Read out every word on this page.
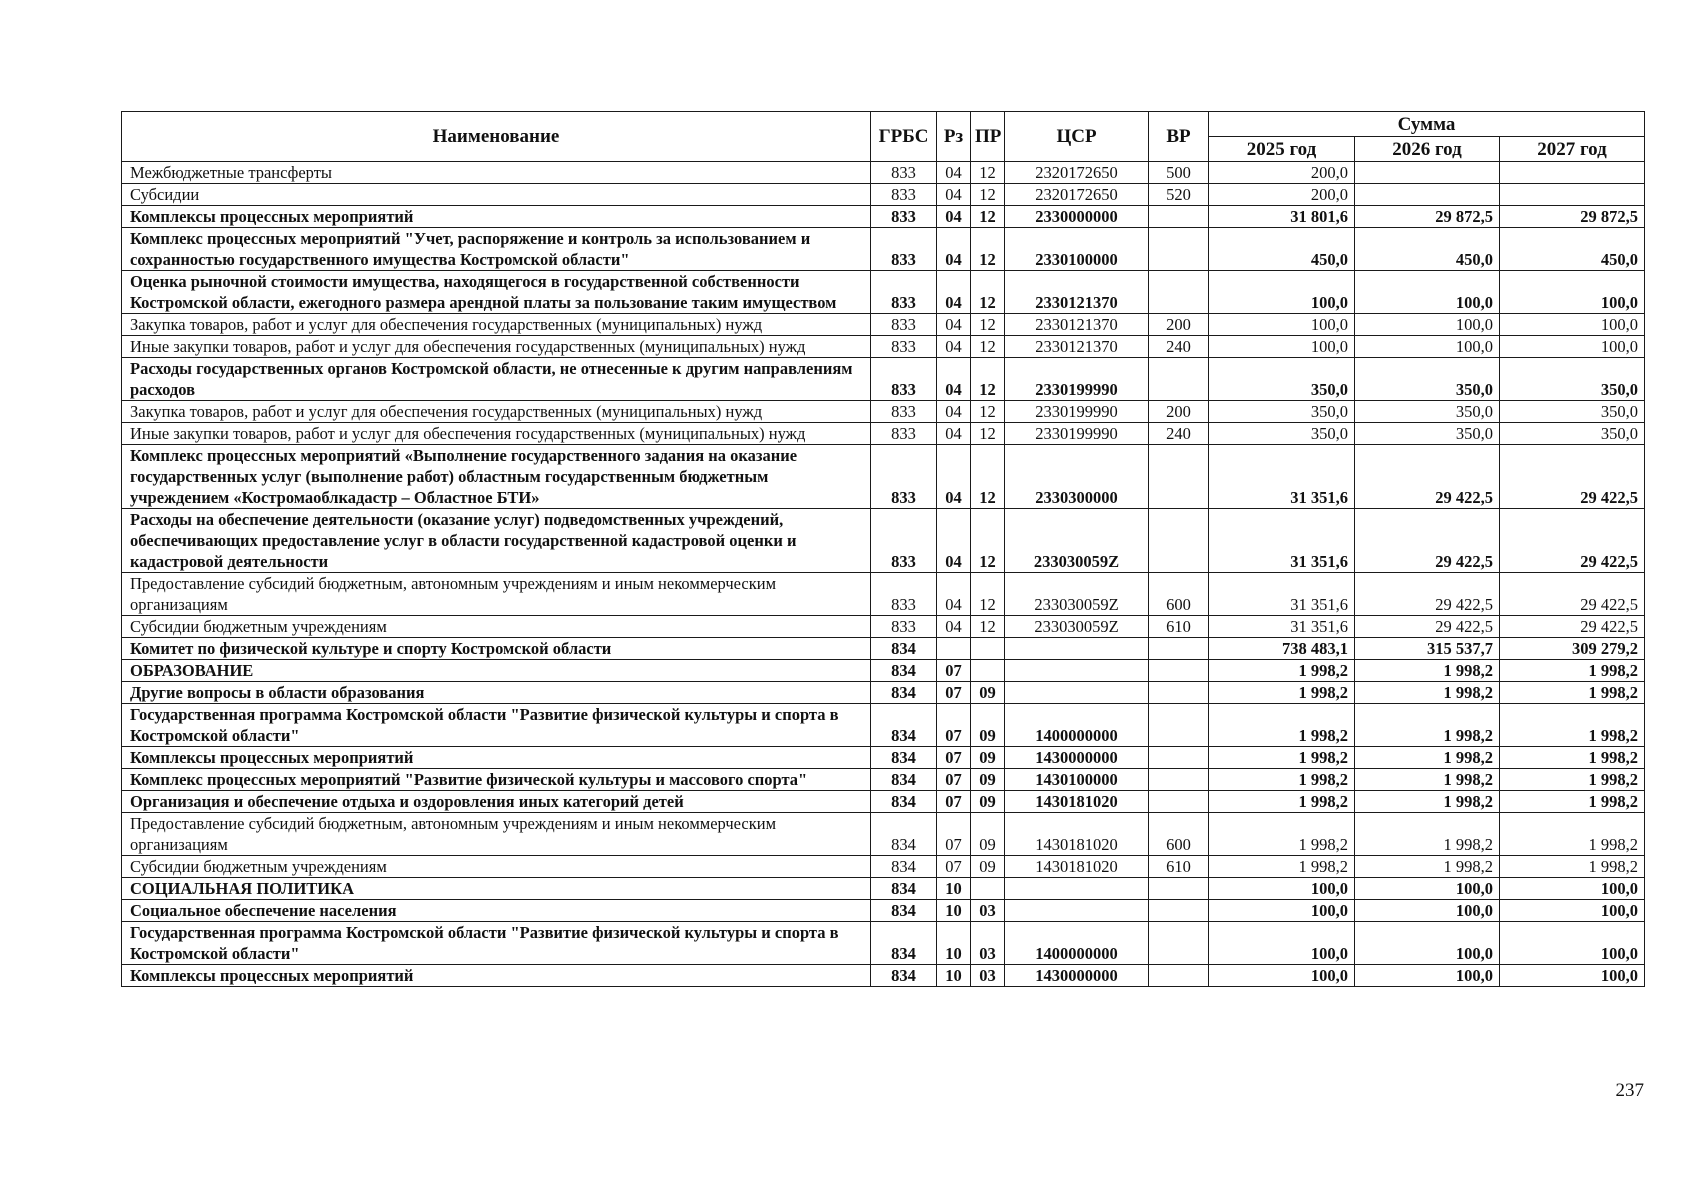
Наименование	ГРБС	Рз	ПР	ЦСР	ВР	Сумма		
						2025 год	2026 год	2027 год
Межбюджетные трансферты	833	04	12	2320172650	500	200,0		
Субсидии	833	04	12	2320172650	520	200,0		
Комплексы процессных мероприятий	833	04	12	2330000000		31 801,6	29 872,5	29 872,5
Комплекс процессных мероприятий "Учет, распоряжение и контроль за использованием и сохранностью государственного имущества Костромской области"	833	04	12	2330100000		450,0	450,0	450,0
Оценка рыночной стоимости имущества, находящегося в государственной собственности Костромской области, ежегодного размера арендной платы за пользование таким имуществом	833	04	12	2330121370		100,0	100,0	100,0
Закупка товаров, работ и услуг для обеспечения государственных (муниципальных) нужд	833	04	12	2330121370	200	100,0	100,0	100,0
Иные закупки товаров, работ и услуг для обеспечения государственных (муниципальных) нужд	833	04	12	2330121370	240	100,0	100,0	100,0
Расходы государственных органов Костромской области, не отнесенные к другим направлениям расходов	833	04	12	2330199990		350,0	350,0	350,0
Закупка товаров, работ и услуг для обеспечения государственных (муниципальных) нужд	833	04	12	2330199990	200	350,0	350,0	350,0
Иные закупки товаров, работ и услуг для обеспечения государственных (муниципальных) нужд	833	04	12	2330199990	240	350,0	350,0	350,0
Комплекс процессных мероприятий «Выполнение государственного задания на оказание государственных услуг (выполнение работ) областным государственным бюджетным учреждением «Костромаоблкадастр – Областное БТИ»	833	04	12	2330300000		31 351,6	29 422,5	29 422,5
Расходы на обеспечение деятельности (оказание услуг) подведомственных учреждений, обеспечивающих предоставление услуг в области государственной кадастровой оценки и кадастровой деятельности	833	04	12	233030059Z		31 351,6	29 422,5	29 422,5
Предоставление субсидий бюджетным, автономным учреждениям и иным некоммерческим организациям	833	04	12	233030059Z	600	31 351,6	29 422,5	29 422,5
Субсидии бюджетным учреждениям	833	04	12	233030059Z	610	31 351,6	29 422,5	29 422,5
Комитет по физической культуре и спорту Костромской области	834					738 483,1	315 537,7	309 279,2
ОБРАЗОВАНИЕ	834	07				1 998,2	1 998,2	1 998,2
Другие вопросы в области образования	834	07	09			1 998,2	1 998,2	1 998,2
Государственная программа Костромской области "Развитие физической культуры и спорта в Костромской области"	834	07	09	1400000000		1 998,2	1 998,2	1 998,2
Комплексы процессных мероприятий	834	07	09	1430000000		1 998,2	1 998,2	1 998,2
Комплекс процессных мероприятий "Развитие физической культуры и массового спорта"	834	07	09	1430100000		1 998,2	1 998,2	1 998,2
Организация и обеспечение отдыха и оздоровления иных категорий детей	834	07	09	1430181020		1 998,2	1 998,2	1 998,2
Предоставление субсидий бюджетным, автономным учреждениям и иным некоммерческим организациям	834	07	09	1430181020	600	1 998,2	1 998,2	1 998,2
Субсидии бюджетным учреждениям	834	07	09	1430181020	610	1 998,2	1 998,2	1 998,2
СОЦИАЛЬНАЯ ПОЛИТИКА	834	10				100,0	100,0	100,0
Социальное обеспечение населения	834	10	03			100,0	100,0	100,0
Государственная программа Костромской области "Развитие физической культуры и спорта в Костромской области"	834	10	03	1400000000		100,0	100,0	100,0
Комплексы процессных мероприятий	834	10	03	1430000000		100,0	100,0	100,0
237
